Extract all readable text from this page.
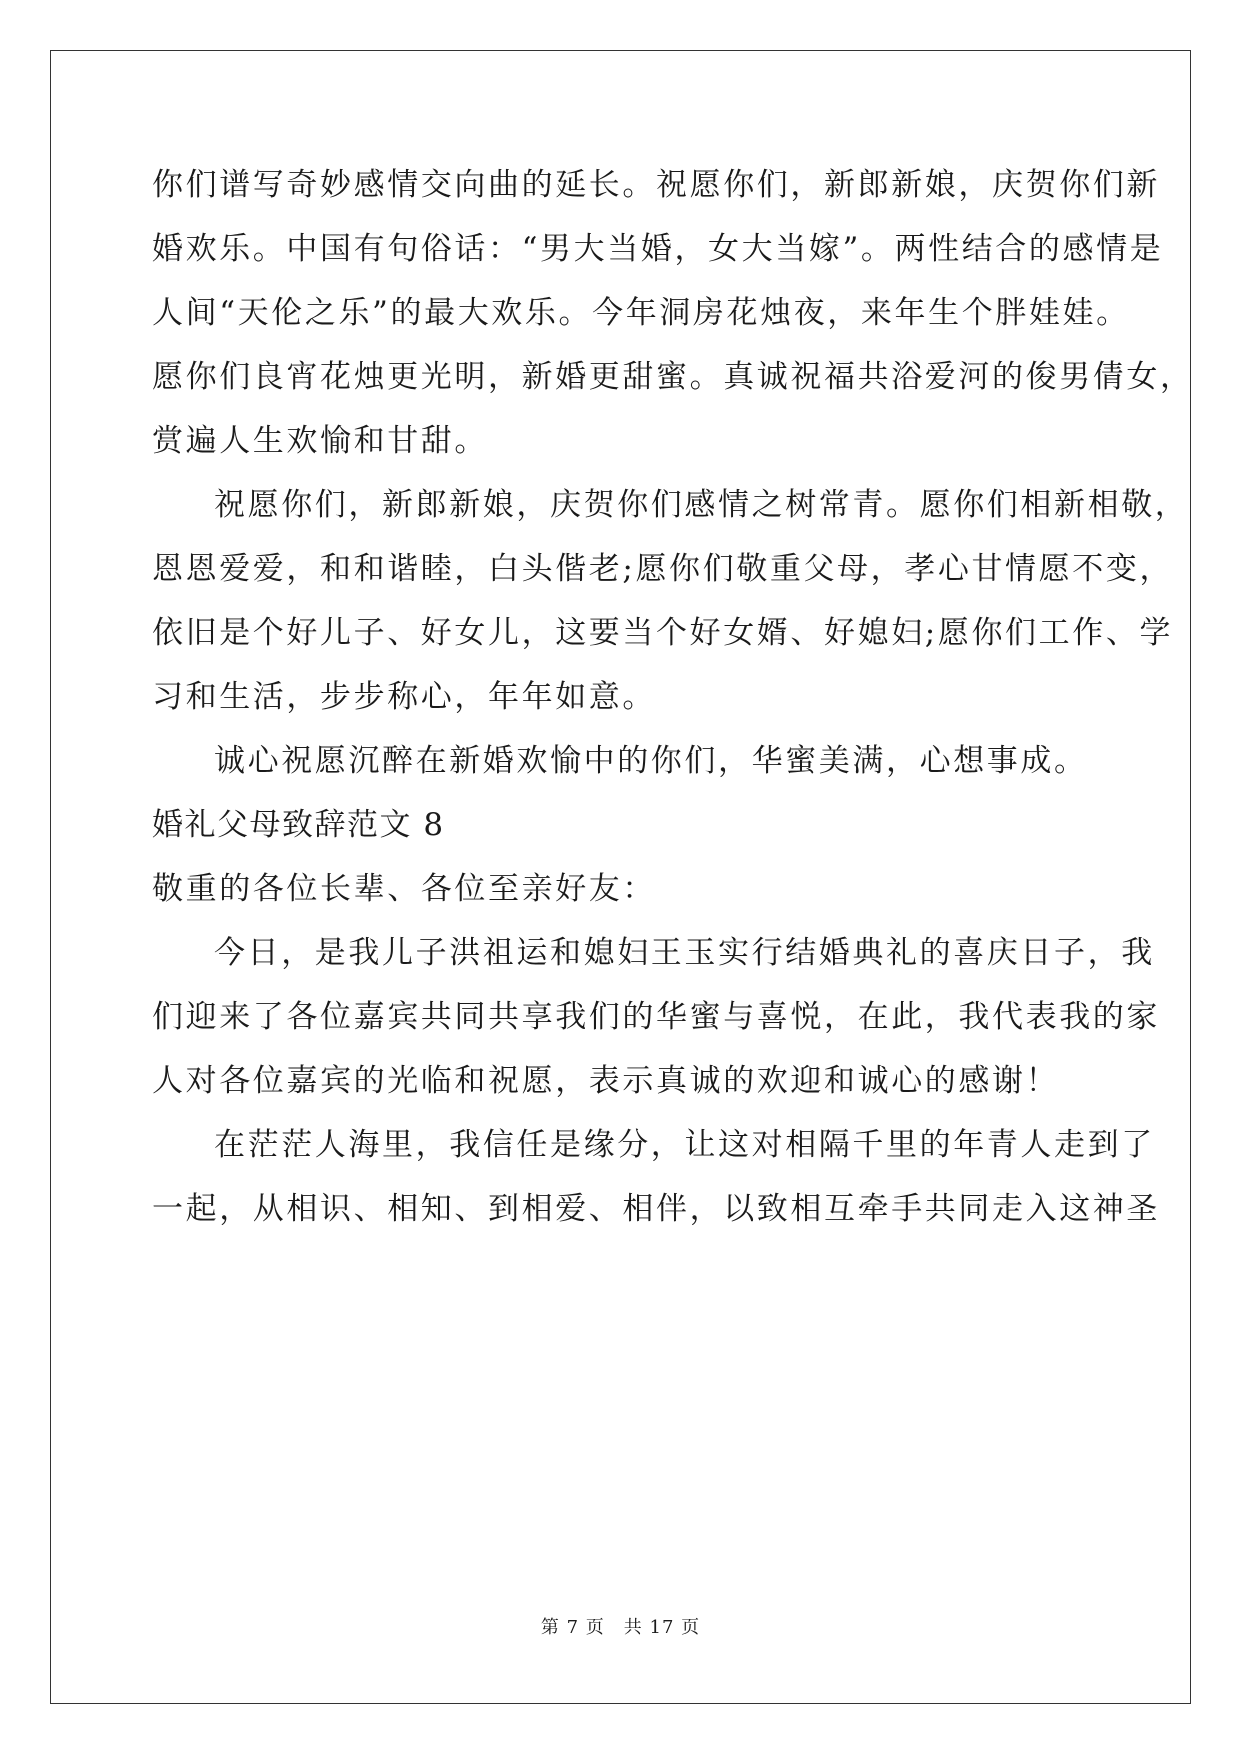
你们谱写奇妙感情交向曲的延长。祝愿你们，新郎新娘，庆贺你们新
婚欢乐。中国有句俗话：“男大当婚，女大当嫁”。两性结合的感情是
人间“天伦之乐”的最大欢乐。今年洞房花烛夜，来年生个胖娃娃。
愿你们良宵花烛更光明，新婚更甜蜜。真诚祝福共浴爱河的俊男倩女，
赏遍人生欢愉和甘甜。
祝愿你们，新郎新娘，庆贺你们感情之树常青。愿你们相新相敬，
恩恩爱爱，和和谐睦，白头偕老;愿你们敬重父母，孝心甘情愿不变，
依旧是个好儿子、好女儿，这要当个好女婿、好媳妇;愿你们工作、学
习和生活，步步称心，年年如意。
诚心祝愿沉醉在新婚欢愉中的你们，华蜜美满，心想事成。
婚礼父母致辞范文 8
敬重的各位长辈、各位至亲好友：
今日，是我儿子洪祖运和媳妇王玉实行结婚典礼的喜庆日子，我
们迎来了各位嘉宾共同共享我们的华蜜与喜悦，在此，我代表我的家
人对各位嘉宾的光临和祝愿，表示真诚的欢迎和诚心的感谢！
在茫茫人海里，我信任是缘分，让这对相隔千里的年青人走到了
一起，从相识、相知、到相爱、相伴，以致相互牵手共同走入这神圣
第 7 页　共 17 页
